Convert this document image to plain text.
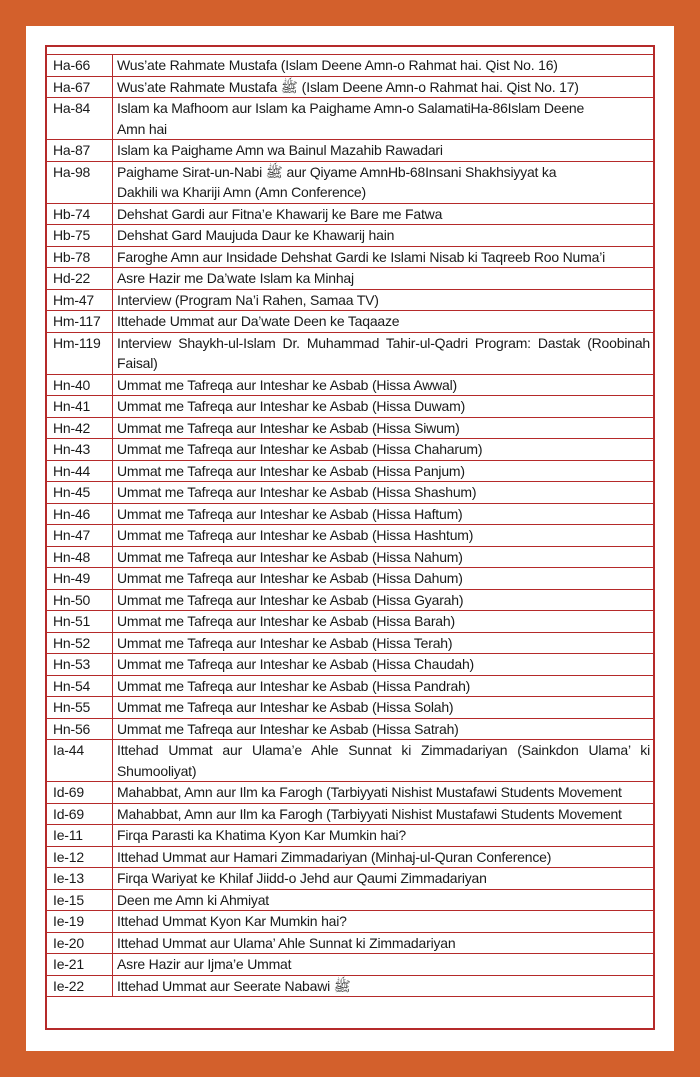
Ha-66	Wus’ate Rahmate Mustafa (Islam Deene Amn-o Rahmat hai. Qist No. 16)
Ha-67	Wus’ate Rahmate Mustafa ﷺ (Islam Deene Amn-o Rahmat hai. Qist No. 17)
Ha-84	Islam ka Mafhoom aur Islam ka Paighame Amn-o SalamatiHa-86Islam Deene
	Amn hai
Ha-87	Islam ka Paighame Amn wa Bainul Mazahib Rawadari
Ha-98	Paighame Sirat-un-Nabi ﷺ aur Qiyame AmnHb-68Insani Shakhsiyyat ka
	Dakhili wa Khariji Amn (Amn Conference)
Hb-74	Dehshat Gardi aur Fitna’e Khawarij ke Bare me Fatwa
Hb-75	Dehshat Gard Maujuda Daur ke Khawarij hain
Hb-78	Faroghe Amn aur Insidade Dehshat Gardi ke Islami Nisab ki Taqreeb Roo Numa’i
Hd-22	Asre Hazir me Da’wate Islam ka Minhaj
Hm-47	Interview (Program Na’i Rahen, Samaa TV)
Hm-117	Ittehade Ummat aur Da’wate Deen ke Taqaaze
Hm-119	Interview Shaykh-ul-Islam Dr. Muhammad Tahir-ul-Qadri Program: Dastak (Roobinah Faisal)
Hn-40	Ummat me Tafreqa aur Inteshar ke Asbab (Hissa Awwal)
Hn-41	Ummat me Tafreqa aur Inteshar ke Asbab (Hissa Duwam)
Hn-42	Ummat me Tafreqa aur Inteshar ke Asbab (Hissa Siwum)
Hn-43	Ummat me Tafreqa aur Inteshar ke Asbab (Hissa Chaharum)
Hn-44	Ummat me Tafreqa aur Inteshar ke Asbab (Hissa Panjum)
Hn-45	Ummat me Tafreqa aur Inteshar ke Asbab (Hissa Shashum)
Hn-46	Ummat me Tafreqa aur Inteshar ke Asbab (Hissa Haftum)
Hn-47	Ummat me Tafreqa aur Inteshar ke Asbab (Hissa Hashtum)
Hn-48	Ummat me Tafreqa aur Inteshar ke Asbab (Hissa Nahum)
Hn-49	Ummat me Tafreqa aur Inteshar ke Asbab (Hissa Dahum)
Hn-50	Ummat me Tafreqa aur Inteshar ke Asbab (Hissa Gyarah)
Hn-51	Ummat me Tafreqa aur Inteshar ke Asbab (Hissa Barah)
Hn-52	Ummat me Tafreqa aur Inteshar ke Asbab (Hissa Terah)
Hn-53	Ummat me Tafreqa aur Inteshar ke Asbab (Hissa Chaudah)
Hn-54	Ummat me Tafreqa aur Inteshar ke Asbab (Hissa Pandrah)
Hn-55	Ummat me Tafreqa aur Inteshar ke Asbab (Hissa Solah)
Hn-56	Ummat me Tafreqa aur Inteshar ke Asbab (Hissa Satrah)
Ia-44	Ittehad Ummat aur Ulama’e Ahle Sunnat ki Zimmadariyan (Sainkdon Ulama’ ki Shumooliyat)
Id-69	Mahabbat, Amn aur Ilm ka Farogh (Tarbiyyati Nishist Mustafawi Students Movement
Id-69	Mahabbat, Amn aur Ilm ka Farogh (Tarbiyyati Nishist Mustafawi Students Movement
Ie-11	Firqa Parasti ka Khatima Kyon Kar Mumkin hai?
Ie-12	Ittehad Ummat aur Hamari Zimmadariyan (Minhaj-ul-Quran Conference)
Ie-13	Firqa Wariyat ke Khilaf Jiidd-o Jehd aur Qaumi Zimmadariyan
Ie-15	Deen me Amn ki Ahmiyat
Ie-19	Ittehad Ummat Kyon Kar Mumkin hai?
Ie-20	Ittehad Ummat aur Ulama’ Ahle Sunnat ki Zimmadariyan
Ie-21	Asre Hazir aur Ijma’e Ummat
Ie-22	Ittehad Ummat aur Seerate Nabawi ﷺ
